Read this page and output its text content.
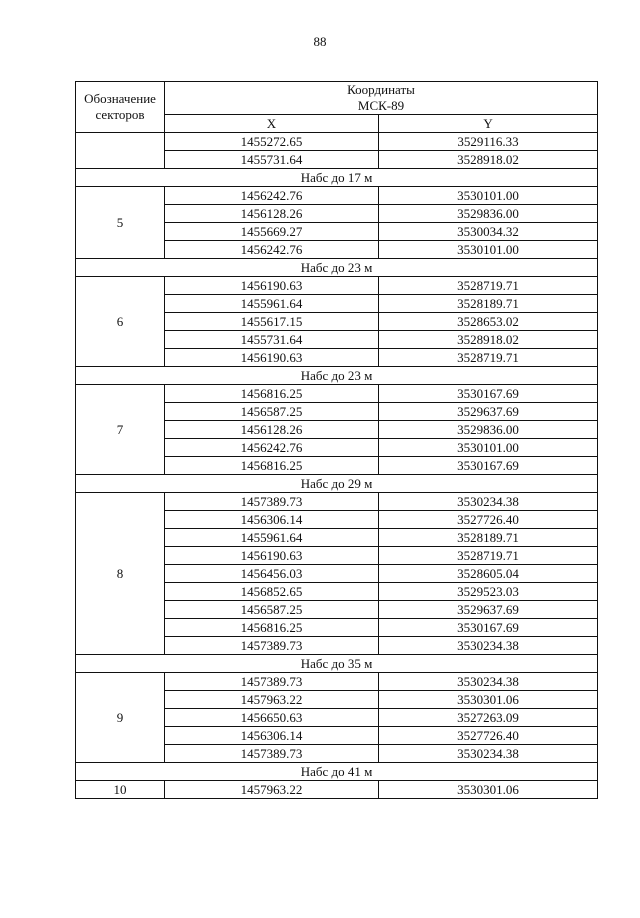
88
Обозначение
секторов	Координаты
МСК-89	
	X	Y
	1455272.65	3529116.33
	1455731.64	3528918.02
Набс до 17 м		
5	1456242.76	3530101.00
	1456128.26	3529836.00
	1455669.27	3530034.32
	1456242.76	3530101.00
Набс до 23 м		
6	1456190.63	3528719.71
	1455961.64	3528189.71
	1455617.15	3528653.02
	1455731.64	3528918.02
	1456190.63	3528719.71
Набс до 23 м		
7	1456816.25	3530167.69
	1456587.25	3529637.69
	1456128.26	3529836.00
	1456242.76	3530101.00
	1456816.25	3530167.69
Набс до 29 м		
8	1457389.73	3530234.38
	1456306.14	3527726.40
	1455961.64	3528189.71
	1456190.63	3528719.71
	1456456.03	3528605.04
	1456852.65	3529523.03
	1456587.25	3529637.69
	1456816.25	3530167.69
	1457389.73	3530234.38
Набс до 35 м		
9	1457389.73	3530234.38
	1457963.22	3530301.06
	1456650.63	3527263.09
	1456306.14	3527726.40
	1457389.73	3530234.38
Набс до 41 м		
10	1457963.22	3530301.06
